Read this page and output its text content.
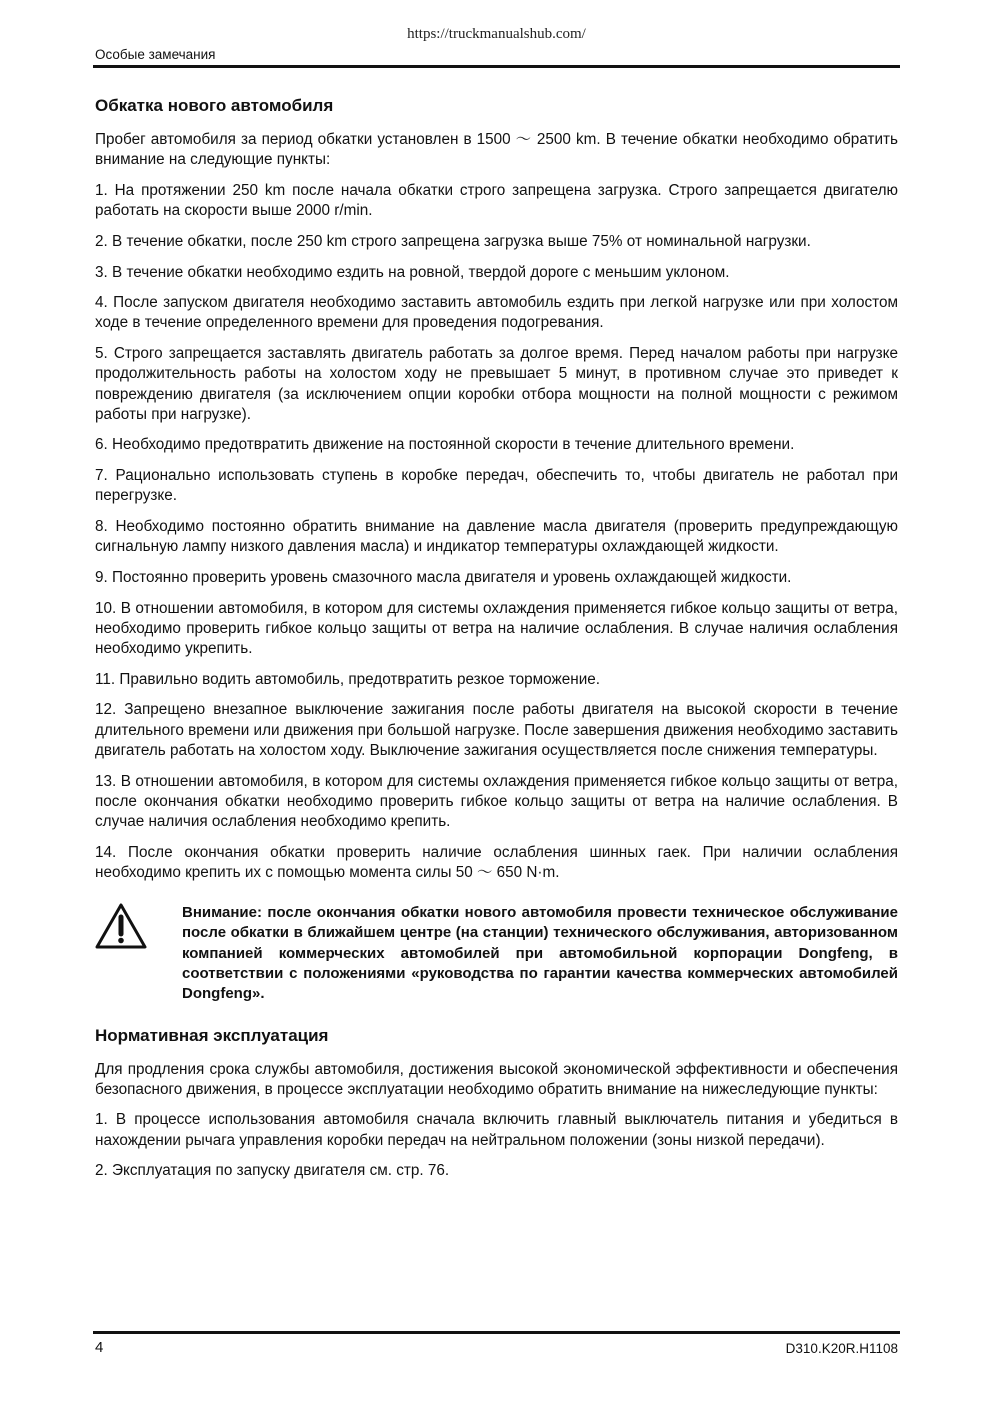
https://truckmanualshub.com/
Особые замечания
Обкатка нового автомобиля

Пробег автомобиля за период обкатки установлен в 1500 ～ 2500 km. В течение обкатки необходимо обратить внимание на следующие пункты:

1. На протяжении 250 km после начала обкатки строго запрещена загрузка. Строго запрещается двигателю работать на скорости выше 2000 r/min.

2. В течение обкатки, после 250 km строго запрещена загрузка выше 75% от номинальной нагрузки.

3. В течение обкатки необходимо ездить на ровной, твердой дороге с меньшим уклоном.

4. После запуском двигателя необходимо заставить автомобиль ездить при легкой нагрузке или при холостом ходе в течение определенного времени для проведения подогревания.

5. Строго запрещается заставлять двигатель работать за долгое время. Перед началом работы при нагрузке продолжительность работы на холостом ходу не превышает 5 минут, в противном случае это приведет к повреждению двигателя (за исключением опции коробки отбора мощности на полной мощности с режимом работы при нагрузке).

6. Необходимо предотвратить движение на постоянной скорости в течение длительного времени.

7. Рационально использовать ступень в коробке передач, обеспечить то, чтобы двигатель не работал при перегрузке.

8. Необходимо постоянно обратить внимание на давление масла двигателя (проверить предупреждающую сигнальную лампу низкого давления масла) и индикатор температуры охлаждающей жидкости.

9. Постоянно проверить уровень смазочного масла двигателя и уровень охлаждающей жидкости.

10. В отношении автомобиля, в котором для системы охлаждения применяется гибкое кольцо защиты от ветра, необходимо проверить гибкое кольцо защиты от ветра на наличие ослабления. В случае наличия ослабления необходимо укрепить.

11. Правильно водить автомобиль, предотвратить резкое торможение.

12. Запрещено внезапное выключение зажигания после работы двигателя на высокой скорости в течение длительного времени или движения при большой нагрузке. После завершения движения необходимо заставить двигатель работать на холостом ходу. Выключение зажигания осуществляется после снижения температуры.

13. В отношении автомобиля, в котором для системы охлаждения применяется гибкое кольцо защиты от ветра, после окончания обкатки необходимо проверить гибкое кольцо защиты от ветра на наличие ослабления. В случае наличия ослабления необходимо крепить.

14. После окончания обкатки проверить наличие ослабления шинных гаек. При наличии ослабления необходимо крепить их с помощью момента силы 50 ～ 650 N·m.

Внимание: после окончания обкатки нового автомобиля провести техническое обслуживание после обкатки в ближайшем центре (на станции) технического обслуживания, авторизованном компанией коммерческих автомобилей при автомобильной корпорации Dongfeng, в соответствии с положениями «руководства по гарантии качества коммерческих автомобилей Dongfeng».
Нормативная эксплуатация

Для продления срока службы автомобиля, достижения высокой экономической эффективности и обеспечения безопасного движения, в процессе эксплуатации необходимо обратить внимание на нижеследующие пункты:

1. В процессе использования автомобиля сначала включить главный выключатель питания и убедиться в нахождении рычага управления коробки передач на нейтральном положении (зоны низкой передачи).

2. Эксплуатация по запуску двигателя см. стр. 76.

4	D310.K20R.H1108
